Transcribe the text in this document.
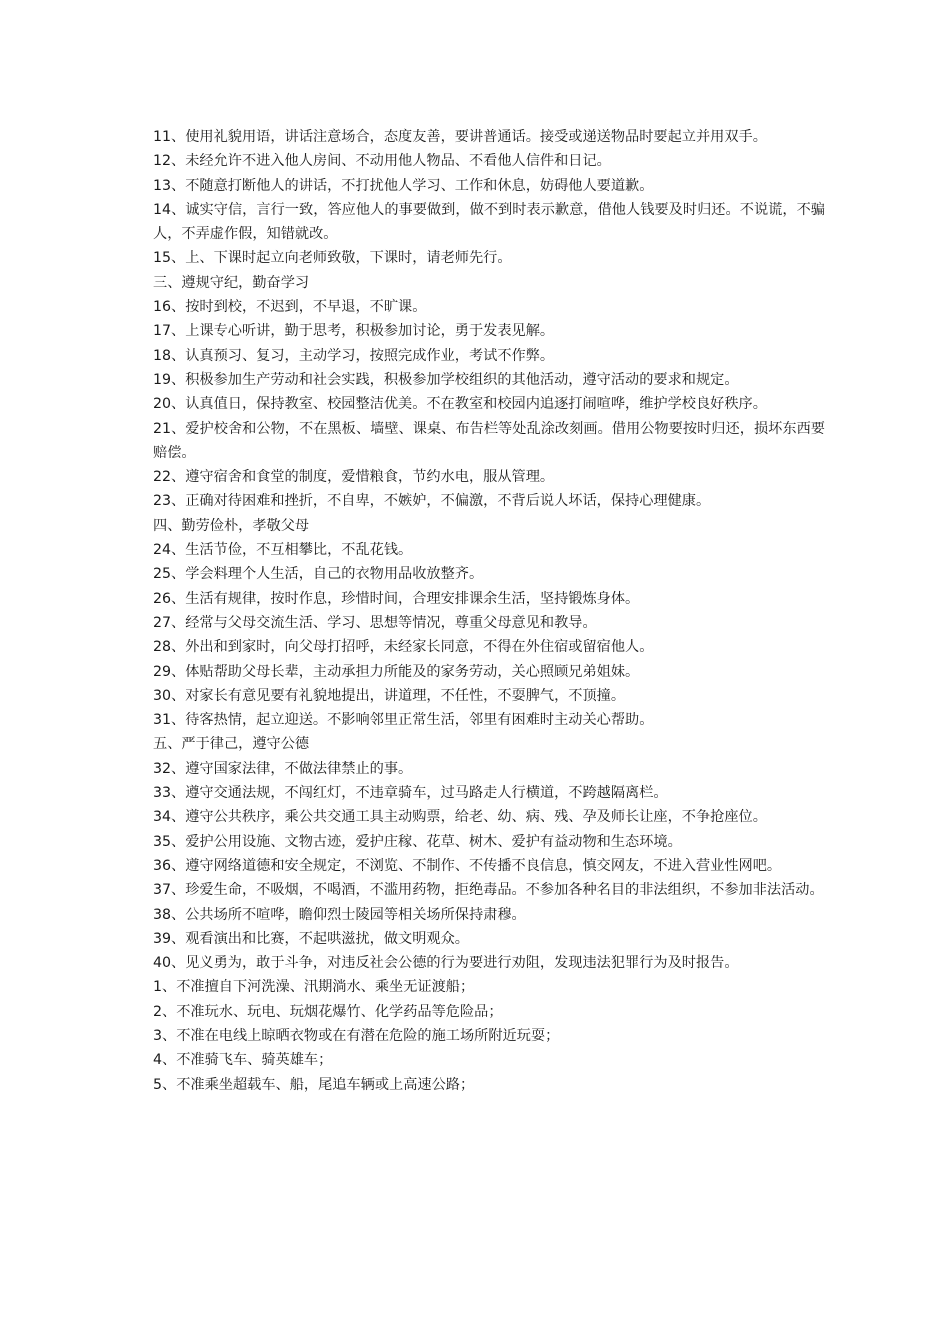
11、使用礼貌用语，讲话注意场合，态度友善，要讲普通话。接受或递送物品时要起立并用双手。

12、未经允许不进入他人房间、不动用他人物品、不看他人信件和日记。

13、不随意打断他人的讲话，不打扰他人学习、工作和休息，妨碍他人要道歉。

14、诚实守信，言行一致，答应他人的事要做到，做不到时表示歉意，借他人钱要及时归还。不说谎，不骗人，不弄虚作假，知错就改。

15、上、下课时起立向老师致敬，下课时，请老师先行。

三、遵规守纪，勤奋学习

16、按时到校，不迟到，不早退，不旷课。

17、上课专心听讲，勤于思考，积极参加讨论，勇于发表见解。

18、认真预习、复习，主动学习，按照完成作业，考试不作弊。

19、积极参加生产劳动和社会实践，积极参加学校组织的其他活动，遵守活动的要求和规定。

20、认真值日，保持教室、校园整洁优美。不在教室和校园内追逐打闹喧哗，维护学校良好秩序。

21、爱护校舍和公物，不在黑板、墙壁、课桌、布告栏等处乱涂改刻画。借用公物要按时归还，损坏东西要赔偿。

22、遵守宿舍和食堂的制度，爱惜粮食，节约水电，服从管理。

23、正确对待困难和挫折，不自卑，不嫉妒，不偏激，不背后说人坏话，保持心理健康。

四、勤劳俭朴，孝敬父母

24、生活节俭，不互相攀比，不乱花钱。

25、学会料理个人生活，自己的衣物用品收放整齐。

26、生活有规律，按时作息，珍惜时间，合理安排课余生活，坚持锻炼身体。

27、经常与父母交流生活、学习、思想等情况，尊重父母意见和教导。

28、外出和到家时，向父母打招呼，未经家长同意，不得在外住宿或留宿他人。

29、体贴帮助父母长辈，主动承担力所能及的家务劳动，关心照顾兄弟姐妹。

30、对家长有意见要有礼貌地提出，讲道理，不任性，不耍脾气，不顶撞。

31、待客热情，起立迎送。不影响邻里正常生活，邻里有困难时主动关心帮助。

五、严于律己，遵守公德

32、遵守国家法律，不做法律禁止的事。

33、遵守交通法规，不闯红灯，不违章骑车，过马路走人行横道，不跨越隔离栏。

34、遵守公共秩序，乘公共交通工具主动购票，给老、幼、病、残、孕及师长让座，不争抢座位。

35、爱护公用设施、文物古迹，爱护庄稼、花草、树木、爱护有益动物和生态环境。

36、遵守网络道德和安全规定，不浏览、不制作、不传播不良信息，慎交网友，不进入营业性网吧。

37、珍爱生命，不吸烟，不喝酒，不滥用药物，拒绝毒品。不参加各种名目的非法组织，不参加非法活动。

38、公共场所不喧哗，瞻仰烈士陵园等相关场所保持肃穆。

39、观看演出和比赛，不起哄滋扰，做文明观众。

40、见义勇为，敢于斗争，对违反社会公德的行为要进行劝阻，发现违法犯罪行为及时报告。

1、不准擅自下河洗澡、汛期淌水、乘坐无证渡船；

2、不准玩水、玩电、玩烟花爆竹、化学药品等危险品；

3、不准在电线上晾晒衣物或在有潜在危险的施工场所附近玩耍；

4、不准骑飞车、骑英雄车；

5、不准乘坐超载车、船，尾追车辆或上高速公路；
